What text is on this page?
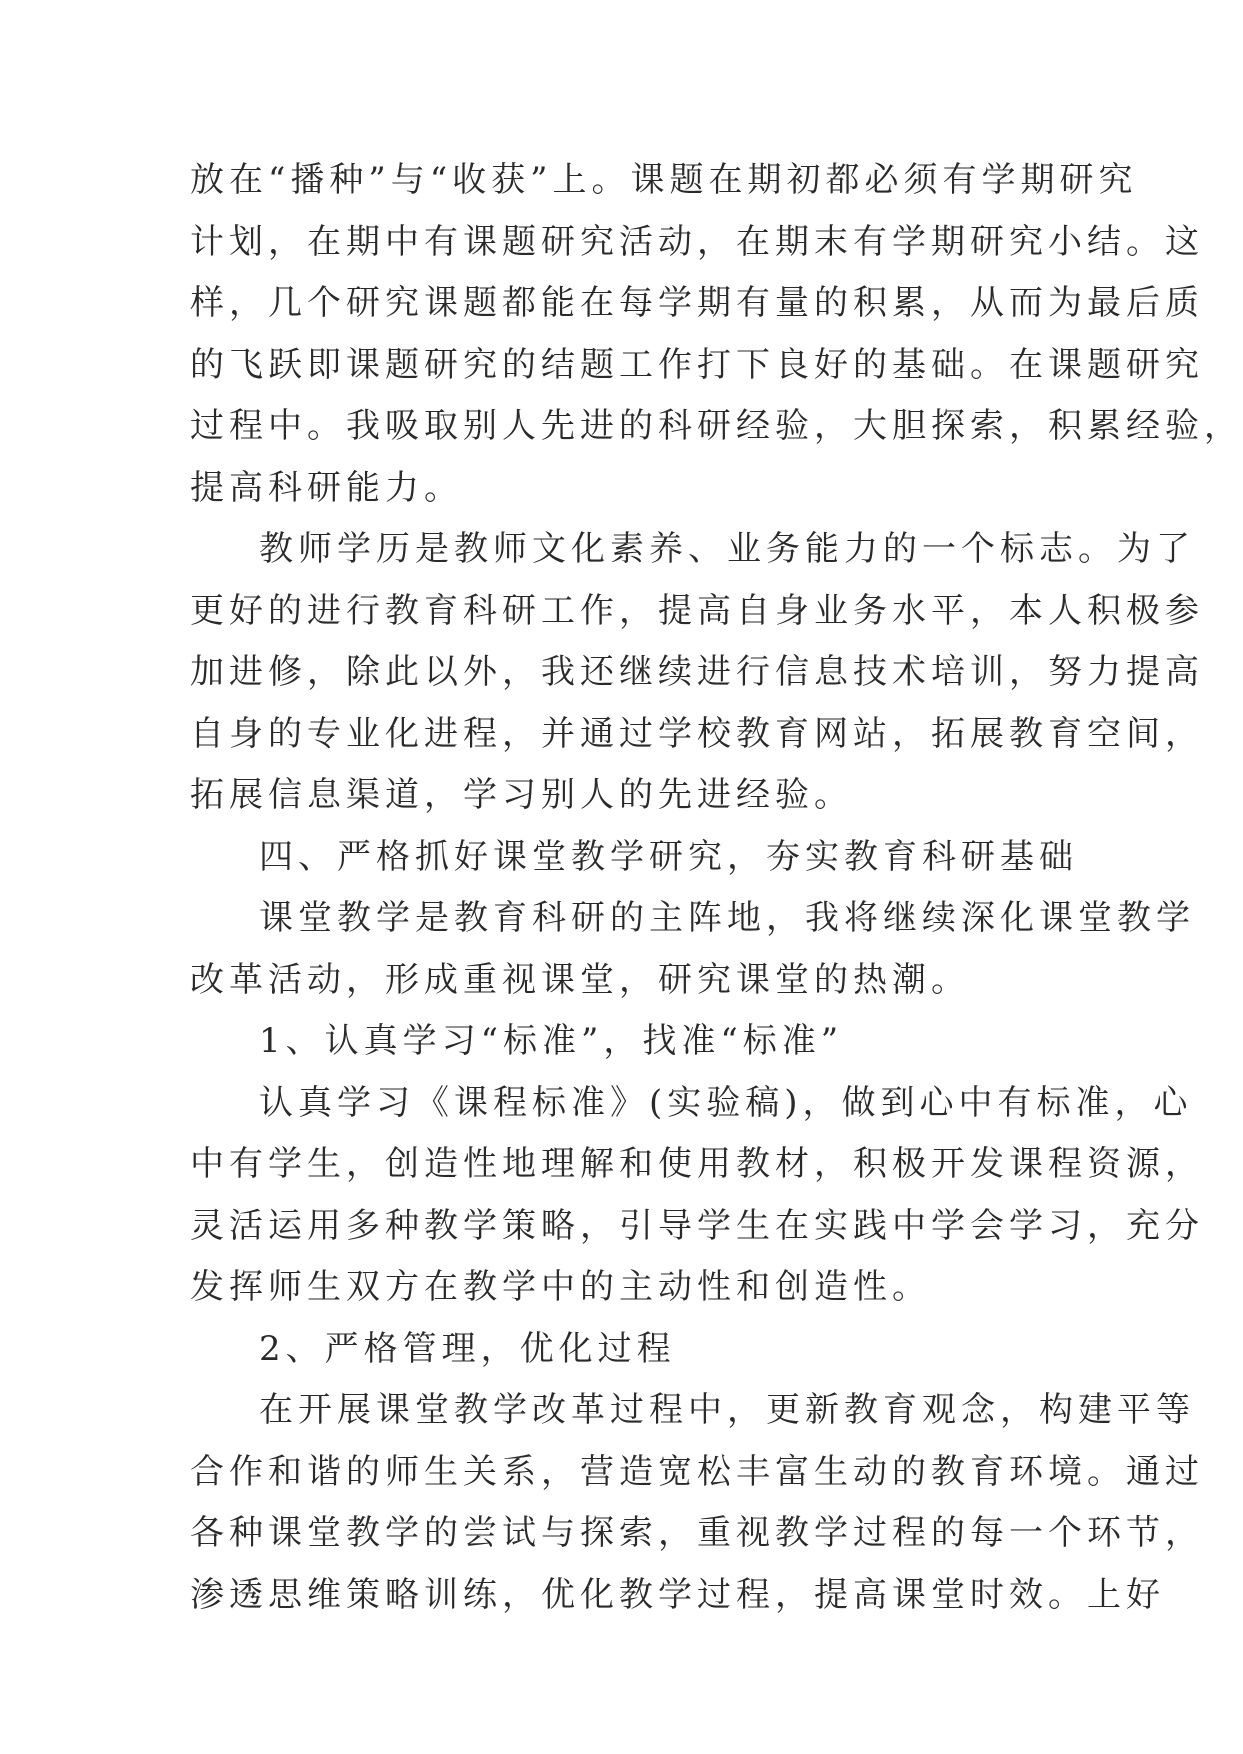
放在“播种”与“收获”上。课题在期初都必须有学期研究
计划，在期中有课题研究活动，在期末有学期研究小结。这
样，几个研究课题都能在每学期有量的积累，从而为最后质
的飞跃即课题研究的结题工作打下良好的基础。在课题研究
过程中。我吸取别人先进的科研经验，大胆探索，积累经验，
提高科研能力。
教师学历是教师文化素养、业务能力的一个标志。为了
更好的进行教育科研工作，提高自身业务水平，本人积极参
加进修，除此以外，我还继续进行信息技术培训，努力提高
自身的专业化进程，并通过学校教育网站，拓展教育空间，
拓展信息渠道，学习别人的先进经验。
四、严格抓好课堂教学研究，夯实教育科研基础
课堂教学是教育科研的主阵地，我将继续深化课堂教学
改革活动，形成重视课堂，研究课堂的热潮。
1、认真学习“标准”，找准“标准”
认真学习《课程标准》(实验稿)，做到心中有标准，心
中有学生，创造性地理解和使用教材，积极开发课程资源，
灵活运用多种教学策略，引导学生在实践中学会学习，充分
发挥师生双方在教学中的主动性和创造性。
2、严格管理，优化过程
在开展课堂教学改革过程中，更新教育观念，构建平等
合作和谐的师生关系，营造宽松丰富生动的教育环境。通过
各种课堂教学的尝试与探索，重视教学过程的每一个环节，
渗透思维策略训练，优化教学过程，提高课堂时效。上好
